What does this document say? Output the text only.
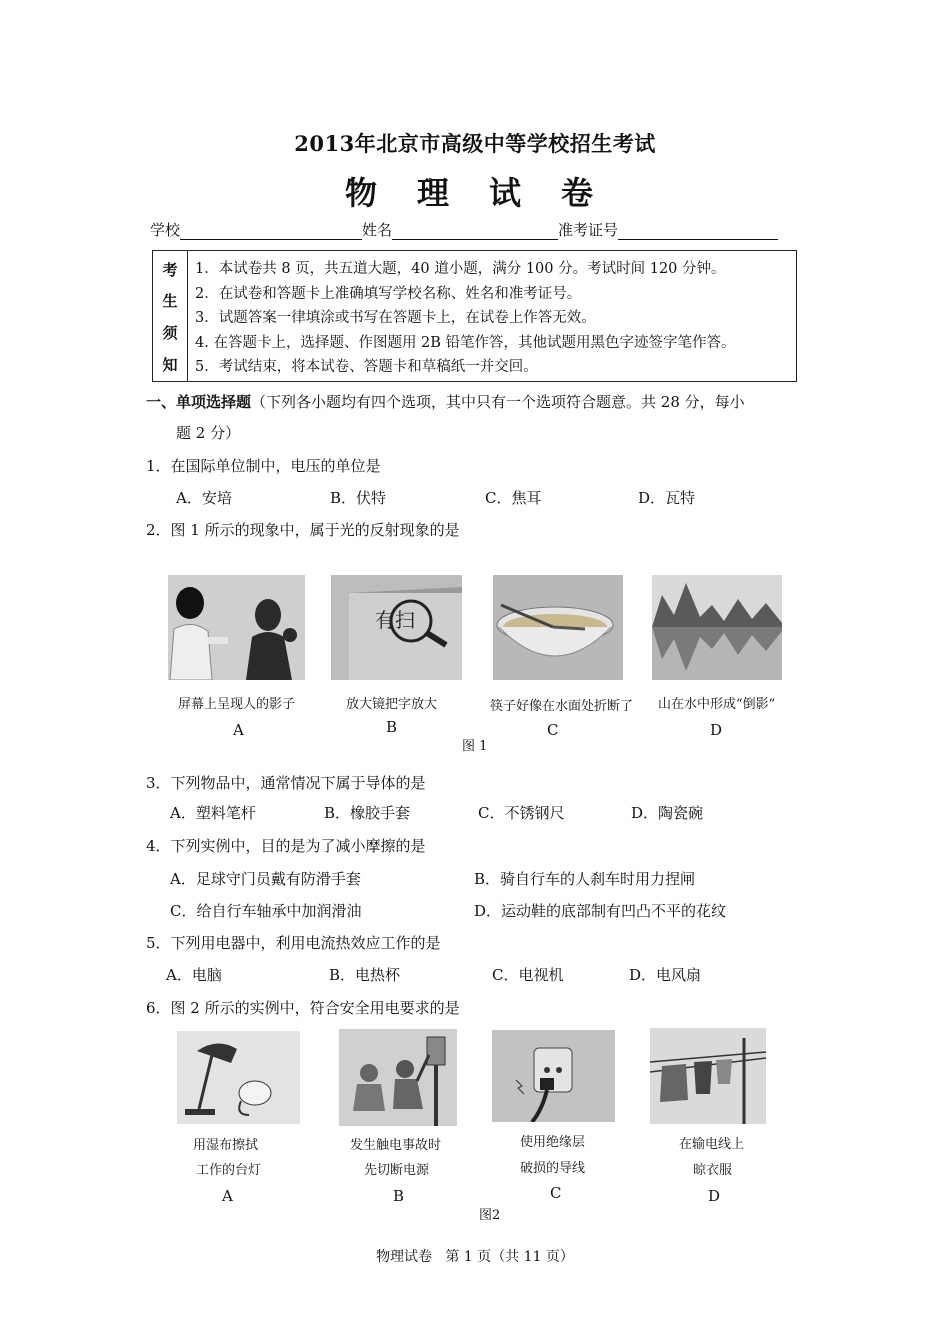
2013年北京市高级中等学校招生考试
物理试卷
学校	姓名	准考证号
考
生
须
知
1．本试卷共 8 页，共五道大题，40 道小题，满分 100 分。考试时间 120 分钟。
2．在试卷和答题卡上准确填写学校名称、姓名和准考证号。
3．试题答案一律填涂或书写在答题卡上，在试卷上作答无效。
4. 在答题卡上，选择题、作图题用 2B 铅笔作答，其他试题用黑色字迹签字笔作答。
5．考试结束，将本试卷、答题卡和草稿纸一并交回。
一、单项选择题（下列各小题均有四个选项，其中只有一个选项符合题意。共 28 分，每小
题 2 分）
1．在国际单位制中，电压的单位是
A．安培	B．伏特	C．焦耳	D．瓦特
2．图 1 所示的现象中，属于光的反射现象的是
有扫
屏幕上呈现人的影子	放大镜把字放大	筷子好像在水面处折断了 山在水中形成“倒影”
A	B	C	D
图 1
3．下列物品中，通常情况下属于导体的是
A．塑料笔杆	B．橡胶手套	C．不锈钢尺	D．陶瓷碗
4．下列实例中，目的是为了减小摩擦的是
A．足球守门员戴有防滑手套	B．骑自行车的人刹车时用力捏闸
C．给自行车轴承中加润滑油	D．运动鞋的底部制有凹凸不平的花纹
5．下列用电器中，利用电流热效应工作的是
A．电脑	B．电热杯	C．电视机	D．电风扇
6．图 2 所示的实例中，符合安全用电要求的是
用湿布擦拭
工作的台灯
发生触电事故时
先切断电源
使用绝缘层
破损的导线
在输电线上
晾衣服
A	B	C	D
图2
物理试卷   第 1 页（共 11 页）
